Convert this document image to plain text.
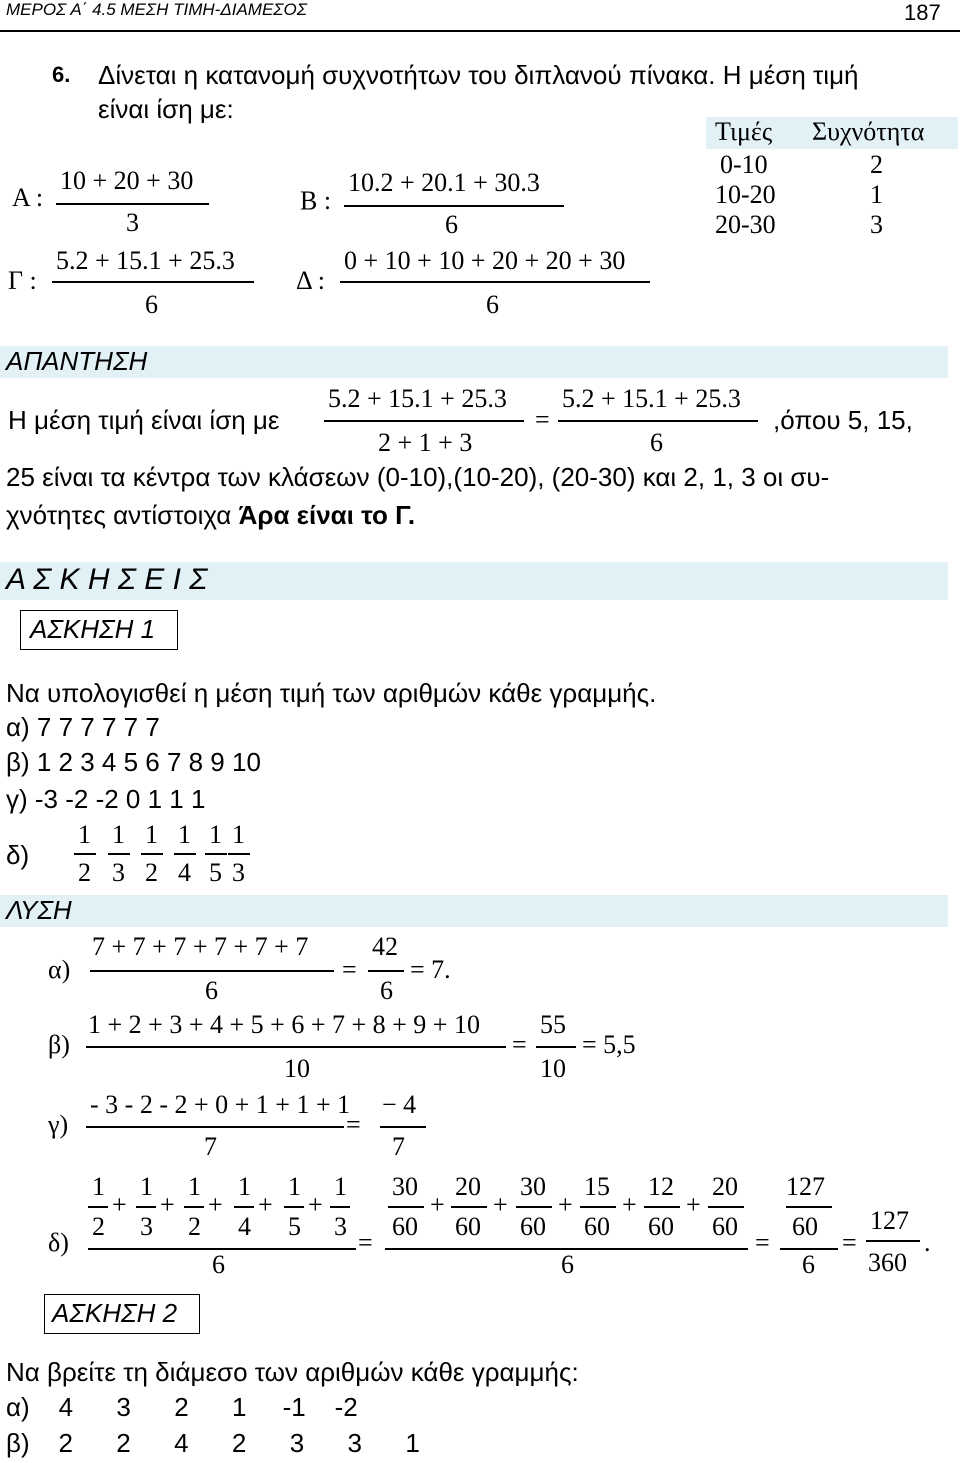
ΜΕΡΟΣ Α΄ 4.5 ΜΕΣΗ ΤΙΜΗ-ΔΙΑΜΕΣΟΣ	187
6. Δίνεται η κατανομή συχνοτήτων του διπλανού πίνακα. Η μέση τιμή
είναι ίση με:
Τιμές Συχνότητα
0-10	2
10-20	1
20-30	3
Α :
10 + 20 + 30
3
Β :
10.2 + 20.1 + 30.3
6
Γ :
5.2 + 15.1 + 25.3
6
Δ :
0 + 10 + 10 + 20 + 20 + 30
6
ΑΠΑΝΤΗΣΗ
Η μέση τιμή είναι ίση με
5.2 + 15.1 + 25.3
2 + 1 + 3
=
5.2 + 15.1 + 25.3
6
,όπου 5, 15,
25 είναι τα κέντρα των κλάσεων (0-10),(10-20), (20-30) και 2, 1, 3 οι συ-
χνότητες αντίστοιχα Άρα είναι το Γ.
Α Σ Κ Η Σ Ε Ι Σ
ΑΣΚΗΣΗ 1
Να υπολογισθεί η μέση τιμή των αριθμών κάθε γραμμής.
α) 7 7 7 7 7 7
β) 1 2 3 4 5 6 7 8 9 10
γ) -3 -2 -2 0 1 1 1
δ)
1
2
1
3
1
2
1
4
1
5
1
3
ΛΥΣΗ
α)
7 + 7 + 7 + 7 + 7 + 7
6
=
42
6
= 7.
β)
1 + 2 + 3 + 4 + 5 + 6 + 7 + 8 + 9 + 10
10
=
55
10
= 5,5
γ)
- 3 - 2 - 2 + 0 + 1 + 1 + 1
7
=
− 4
7
δ)
1
2
+
1
3
+
1
2
+
1
4
+
1
5
+
1
3
30
60
+
20
60
+
30
60
+
15
60
+
12
60
+
20
60
6
=
6
=
127
60
6
=
127
360
.
ΑΣΚΗΣΗ 2
Να βρείτε τη διάμεσο των αριθμών κάθε γραμμής:
α)    4      3      2      1     -1    -2
β)    2      2      4      2      3      3      1
